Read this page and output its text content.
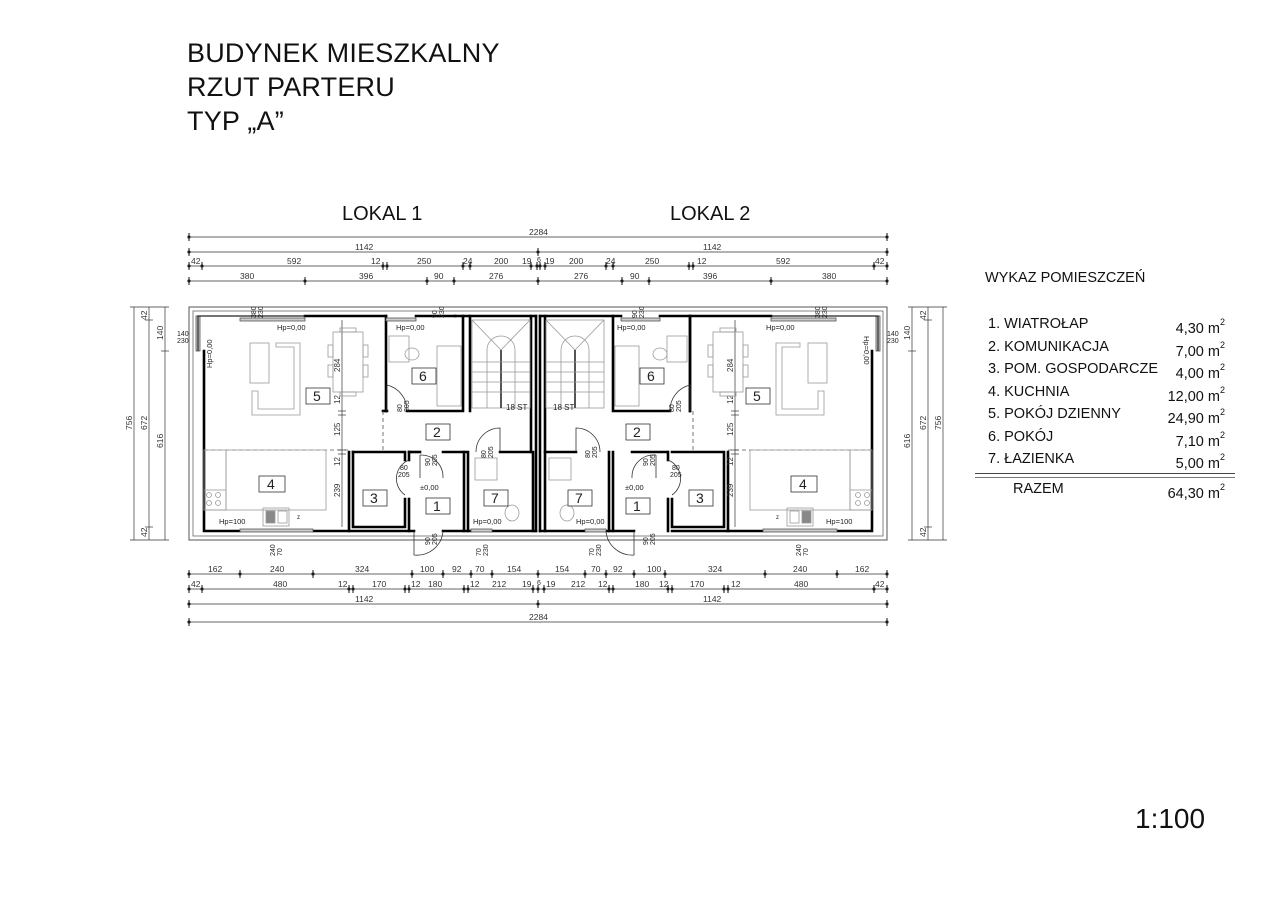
BUDYNEK MIESZKALNY
RZUT PARTERU
TYP „A”
LOKAL 1	LOKAL 2
WYKAZ POMIESZCZEŃ
1. WIATROŁAP	4,30 $m^2$
2. KOMUNIKACJA	7,00 $m^2$
3. POM. GOSPODARCZE 4,00 $m^2$
4. KUCHNIA	12,00 $m^2$
5. POKÓJ DZIENNY	24,90 $m^2$
6. POKÓJ	7,10 $m^2$
7. ŁAZIENKA	5,00 $m^2$
RAZEM	64,30 $m^2$
1:100
2284
1142	1142
42	592	12	250	24	200 19 6 19 200	24	250	12	592	42
380	396	90	276	276	90	396	380
162	240	324	100 92 70	154	154	70 92	100	324	240	162
42	480	12	170	12 180	12 212 19 6 19 212 12	180 12	170	12	480	42
1142	1142
2284
756 672
42
140
616
42
756
672
42
140
616
42
284
12
125
12
239
284
12
125
12
239
5
4
3	1
2
6
7
5
4
3
1
2
6
7
Hp=0,00	Hp=0,00	Hp=0,00	Hp=0,00
Hp=0,00	Hp=0,00
Hp=100	Hp=100
Hp=0,00	Hp=0,00
±0,00	±0,00
18 ST	18 ST
z	z
380 230	90 230	90 230	380 230
140
230
140
230
240 70	240 70
70 230	70 230
80 205
90 205
80
205
90 205
80 205
80 205
90 205
80
205
90 205
80 205
